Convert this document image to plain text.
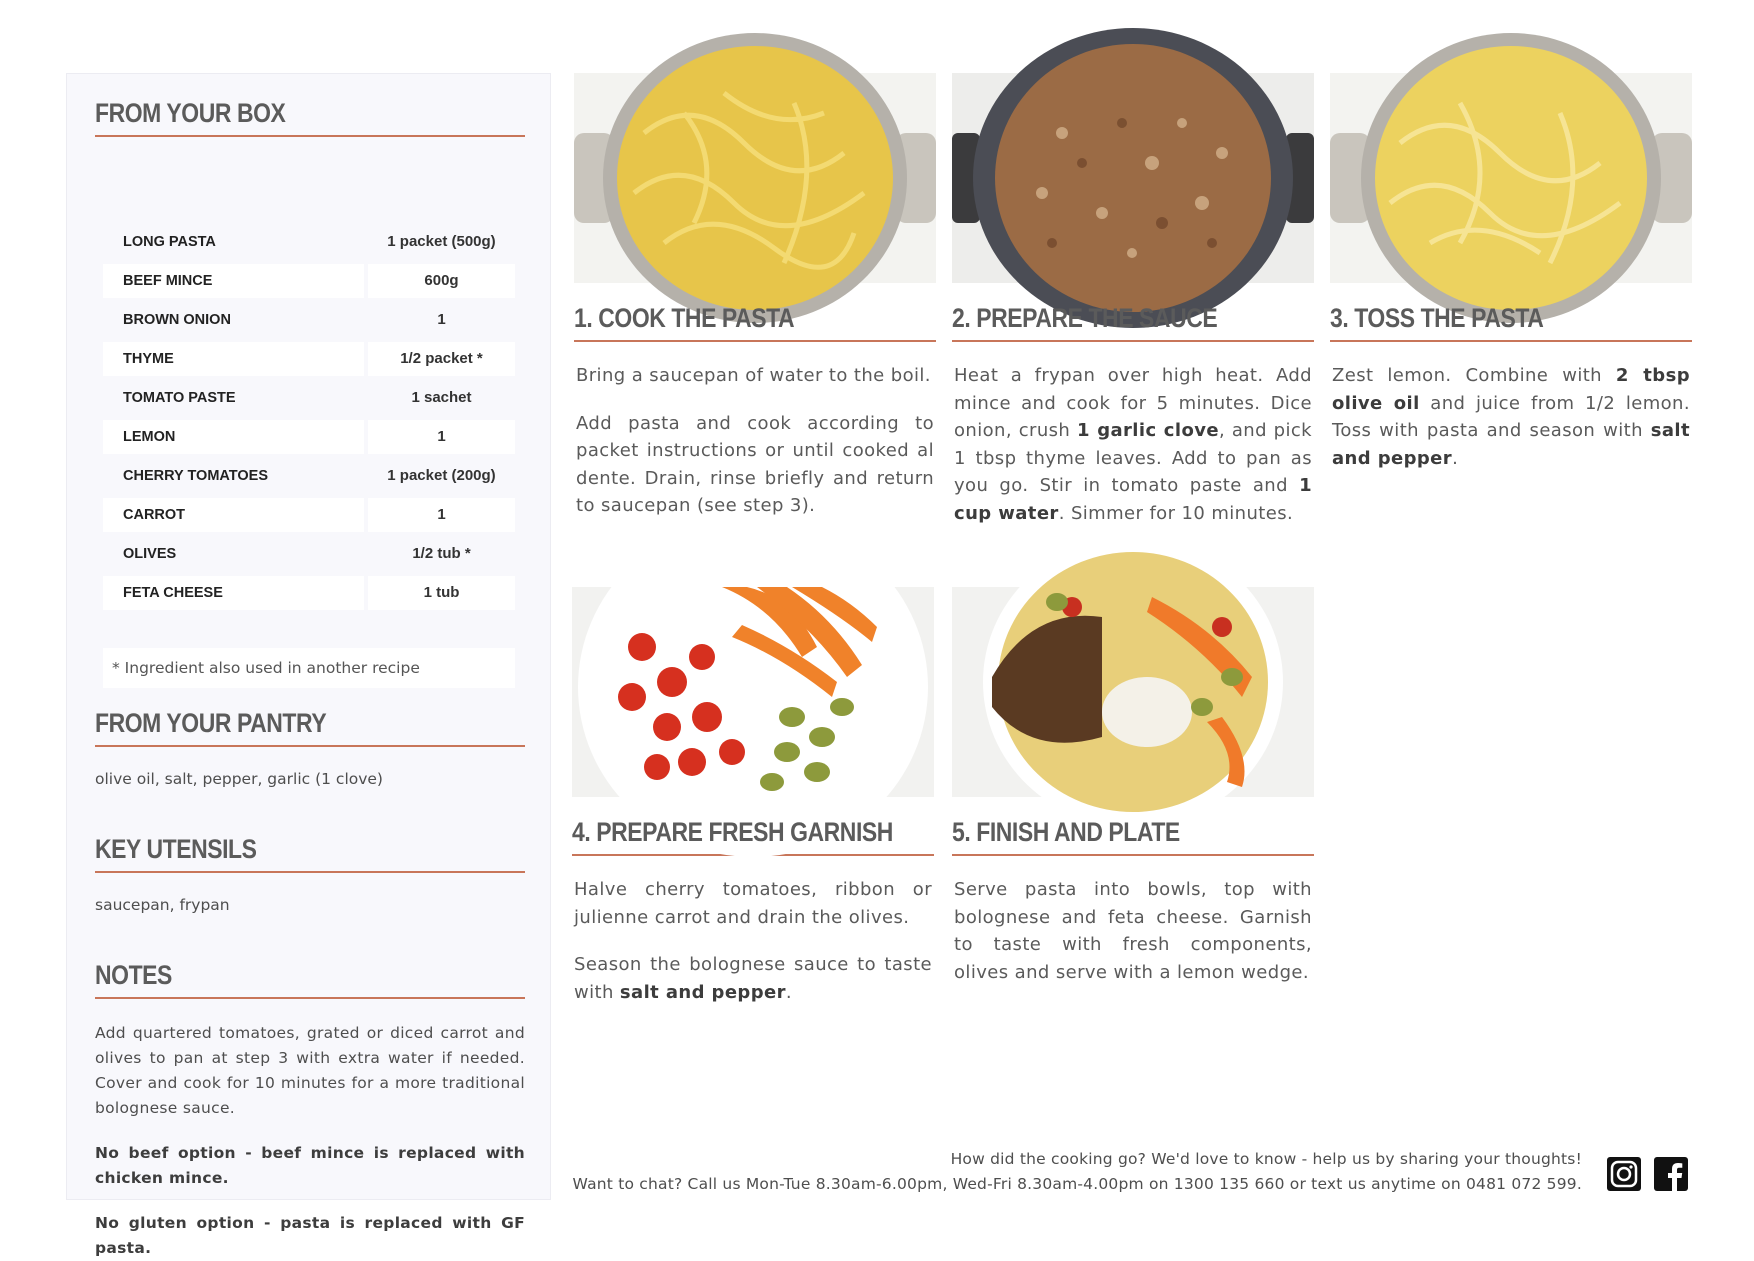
FROM YOUR BOX
LONG PASTA	1 packet (500g)
BEEF MINCE	600g
BROWN ONION	1
THYME	1/2 packet *
TOMATO PASTE	1 sachet
LEMON	1
CHERRY TOMATOES	1 packet (200g)
CARROT	1
OLIVES	1/2 tub *
FETA CHEESE	1 tub
* Ingredient also used in another recipe
FROM YOUR PANTRY
olive oil, salt, pepper, garlic (1 clove)
KEY UTENSILS
saucepan, frypan
NOTES
Add quartered tomatoes, grated or diced carrot and olives to pan at step 3 with extra water if needed. Cover and cook for 10 minutes for a more traditional bolognese sauce.
No beef option - beef mince is replaced with chicken mince.
No gluten option - pasta is replaced with GF pasta.
1. COOK THE PASTA

Bring a saucepan of water to the boil.

Add pasta and cook according to packet instructions or until cooked al dente. Drain, rinse briefly and return to saucepan (see step 3).

2. PREPARE THE SAUCE

Heat a frypan over high heat. Add mince and cook for 5 minutes. Dice onion, crush 1 garlic clove, and pick 1 tbsp thyme leaves. Add to pan as you go. Stir in tomato paste and 1 cup water. Simmer for 10 minutes.

3. TOSS THE PASTA

Zest lemon. Combine with 2 tbsp olive oil and juice from 1/2 lemon. Toss with pasta and season with salt and pepper.

4. PREPARE FRESH GARNISH

Halve cherry tomatoes, ribbon or julienne carrot and drain the olives.

Season the bolognese sauce to taste with salt and pepper.

5. FINISH AND PLATE

Serve pasta into bowls, top with bolognese and feta cheese. Garnish to taste with fresh components, olives and serve with a lemon wedge.

How did the cooking go? We'd love to know - help us by sharing your thoughts!
Want to chat? Call us Mon-Tue 8.30am-6.00pm, Wed-Fri 8.30am-4.00pm on 1300 135 660 or text us anytime on 0481 072 599.
